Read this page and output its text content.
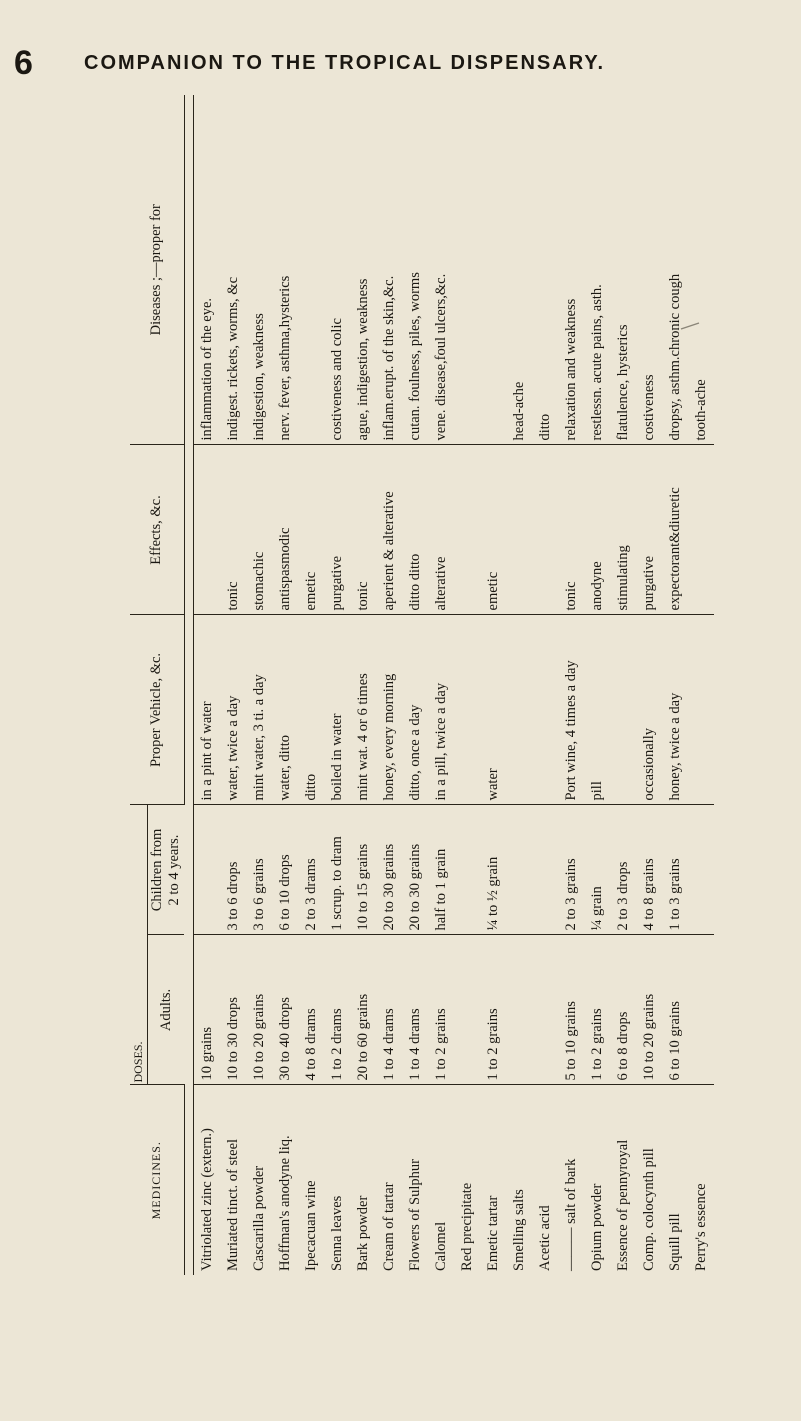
6	COMPANION TO THE TROPICAL DISPENSARY.
MEDICINES.	DOSES.		Proper Vehicle, &c.	Effects, &c.	Diseases ;—proper for
	Adults.	Children from 2 to 4 years.			

Vitriolated zinc (extern.)	10 grains		in a pint of water		inflammation of the eye.
Muriated tinct. of steel	10 to 30 drops	3 to 6 drops	water, twice a day	tonic	indigest. rickets, worms, &c
Cascarilla powder	10 to 20 grains	3 to 6 grains	mint water, 3 ti. a day	stomachic	indigestion, weakness
Hoffman's anodyne liq.	30 to 40 drops	6 to 10 drops	water, ditto	antispasmodic	nerv. fever, asthma,hysterics
Ipecacuan wine	4 to 8 drams	2 to 3 drams	ditto	emetic	
Senna leaves	1 to 2 drams	1 scrup. to dram	boiled in water	purgative	costiveness and colic
Bark powder	20 to 60 grains	10 to 15 grains	mint wat. 4 or 6 times	tonic	ague, indigestion, weakness
Cream of tartar	1 to 4 drams	20 to 30 grains	honey, every morning	aperient & alterative	inflam.erupt. of the skin,&c.
Flowers of Sulphur	1 to 4 drams	20 to 30 grains	ditto, once a day	ditto ditto	cutan. foulness, piles, worms
Calomel	1 to 2 grains	half to 1 grain	in a pill, twice a day	alterative	vene. disease,foul ulcers,&c.
Red precipitate					
Emetic tartar	1 to 2 grains	¼ to ½ grain	water	emetic	
Smelling salts					head-ache
Acetic acid					ditto
——— salt of bark	5 to 10 grains	2 to 3 grains	Port wine, 4 times a day	tonic	relaxation and weakness
Opium powder	1 to 2 grains	¼ grain	pill	anodyne	restlessn. acute pains, asth.
Essence of pennyroyal	6 to 8 drops	2 to 3 drops		stimulating	flatulence, hysterics
Comp. colocynth pill	10 to 20 grains	4 to 8 grains	occasionally	purgative	costiveness
Squill pill	6 to 10 grains	1 to 3 grains	honey, twice a day	expectorant&diuretic	dropsy, asthm.chronic cough
Perry's essence					tooth-ache
